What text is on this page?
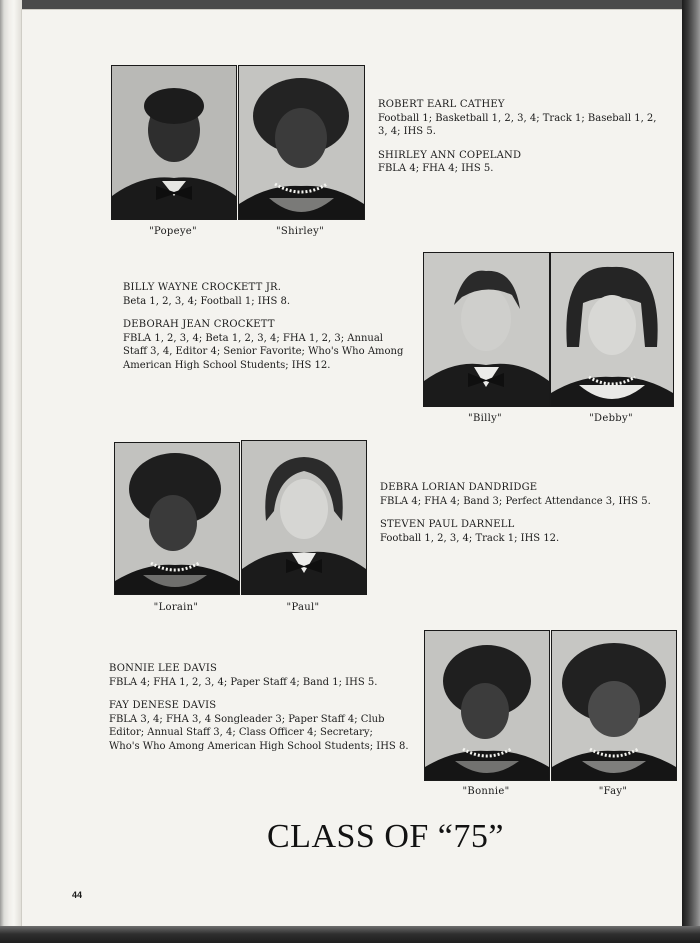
"Popeye"	"Shirley"
ROBERT EARL CATHEY
Football 1; Basketball 1, 2, 3, 4; Track 1; Baseball 1, 2,
3, 4; IHS 5.
SHIRLEY ANN COPELAND
FBLA 4; FHA 4; IHS 5.
BILLY WAYNE CROCKETT JR.
Beta 1, 2, 3, 4; Football 1; IHS 8.
DEBORAH JEAN CROCKETT
FBLA 1, 2, 3, 4; Beta 1, 2, 3, 4; FHA 1, 2, 3; Annual
Staff 3, 4, Editor 4; Senior Favorite; Who's Who Among
American High School Students; IHS 12.
"Billy"	"Debby"
"Lorain"	"Paul"
DEBRA LORIAN DANDRIDGE
FBLA 4; FHA 4; Band 3; Perfect Attendance 3, IHS 5.
STEVEN PAUL DARNELL
Football 1, 2, 3, 4; Track 1; IHS 12.
BONNIE LEE DAVIS
FBLA 4; FHA 1, 2, 3, 4; Paper Staff 4; Band 1; IHS 5.
FAY DENESE DAVIS
FBLA 3, 4; FHA 3, 4 Songleader 3; Paper Staff 4; Club
Editor; Annual Staff 3, 4; Class Officer 4; Secretary;
Who's Who Among American High School Students; IHS 8.
"Bonnie"	"Fay"
CLASS OF “75”
44
